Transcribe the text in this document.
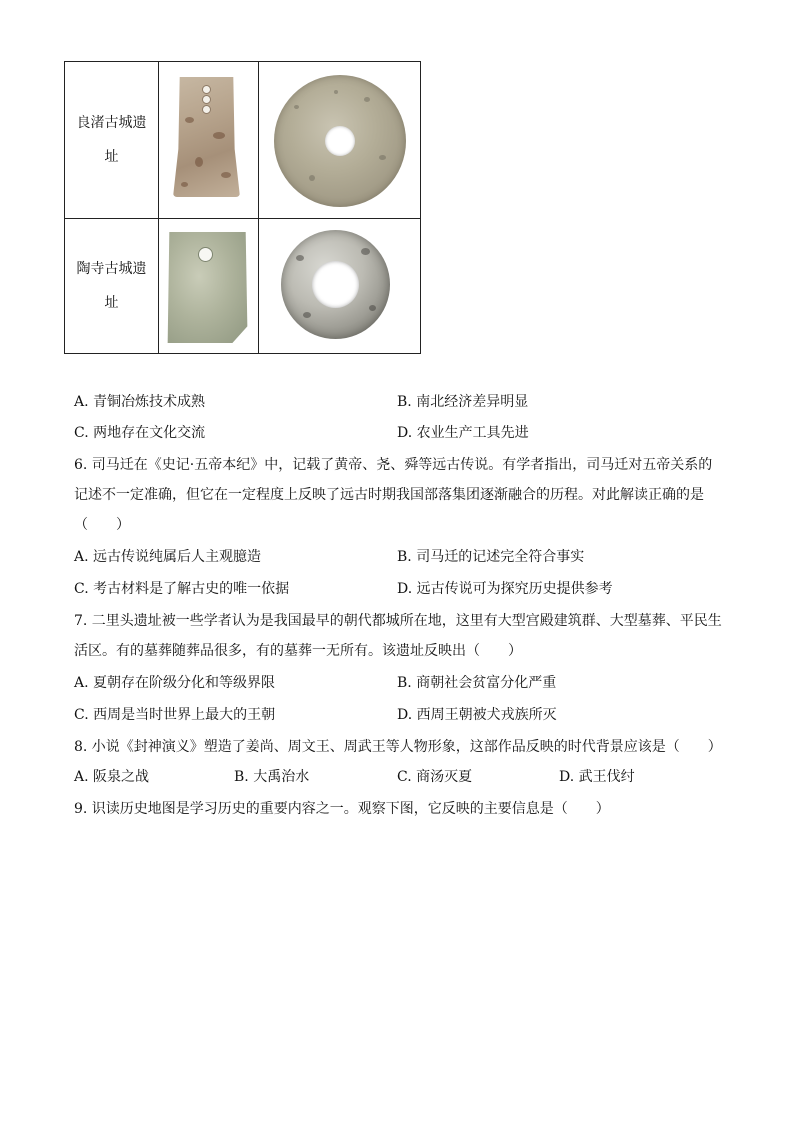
良渚古城遗
址		

陶寺古城遗
址		

A. 青铜冶炼技术成熟	B. 南北经济差异明显
C. 两地存在文化交流	D. 农业生产工具先进
6. 司马迁在《史记·五帝本纪》中，记载了黄帝、尧、舜等远古传说。有学者指出，司马迁对五帝关系的
记述不一定准确，但它在一定程度上反映了远古时期我国部落集团逐渐融合的历程。对此解读正确的是
（　　）
A. 远古传说纯属后人主观臆造	B. 司马迁的记述完全符合事实
C. 考古材料是了解古史的唯一依据	D. 远古传说可为探究历史提供参考
7. 二里头遗址被一些学者认为是我国最早的朝代都城所在地，这里有大型宫殿建筑群、大型墓葬、平民生
活区。有的墓葬随葬品很多，有的墓葬一无所有。该遗址反映出（　　）
A. 夏朝存在阶级分化和等级界限	B. 商朝社会贫富分化严重
C. 西周是当时世界上最大的王朝	D. 西周王朝被犬戎族所灭
8. 小说《封神演义》塑造了姜尚、周文王、周武王等人物形象，这部作品反映的时代背景应该是（　　）
A. 阪泉之战	B. 大禹治水	C. 商汤灭夏	D. 武王伐纣
9. 识读历史地图是学习历史的重要内容之一。观察下图，它反映的主要信息是（　　）
